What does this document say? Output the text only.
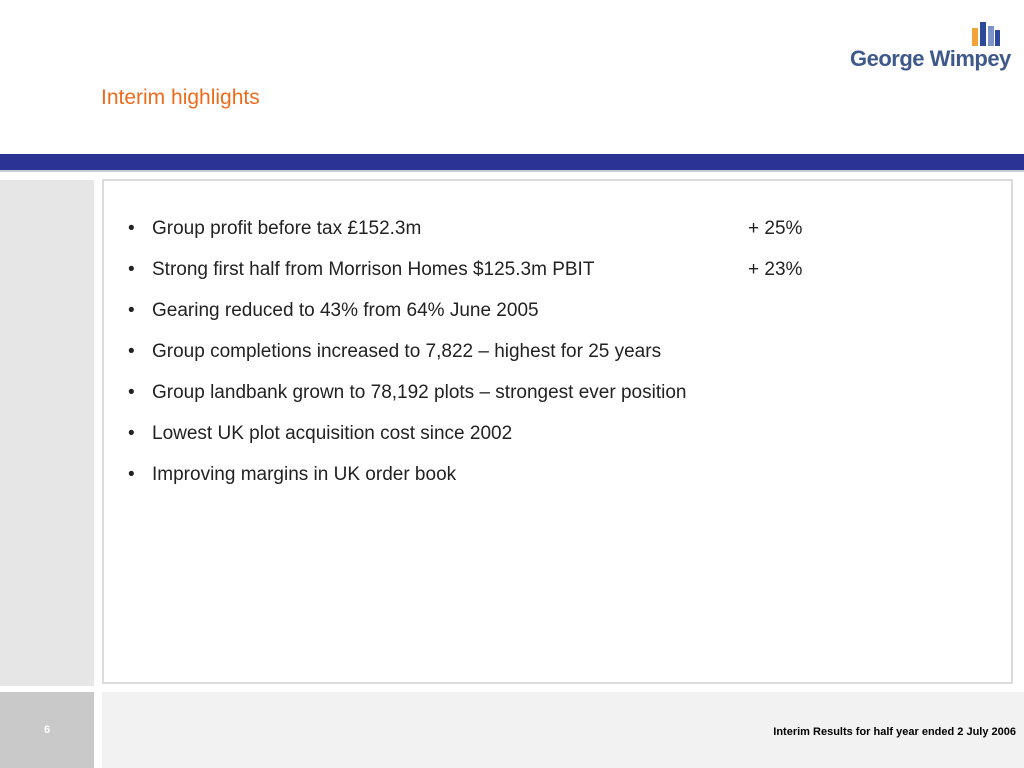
George Wimpey
Interim highlights
• Group profit before tax £152.3m	+ 25%
• Strong first half from Morrison Homes $125.3m PBIT	+ 23%
• Gearing reduced to 43% from 64% June 2005
• Group completions increased to 7,822 – highest for 25 years
• Group landbank grown to 78,192 plots – strongest ever position
• Lowest UK plot acquisition cost since 2002
• Improving margins in UK order book
6	Interim Results for half year ended 2 July 2006
